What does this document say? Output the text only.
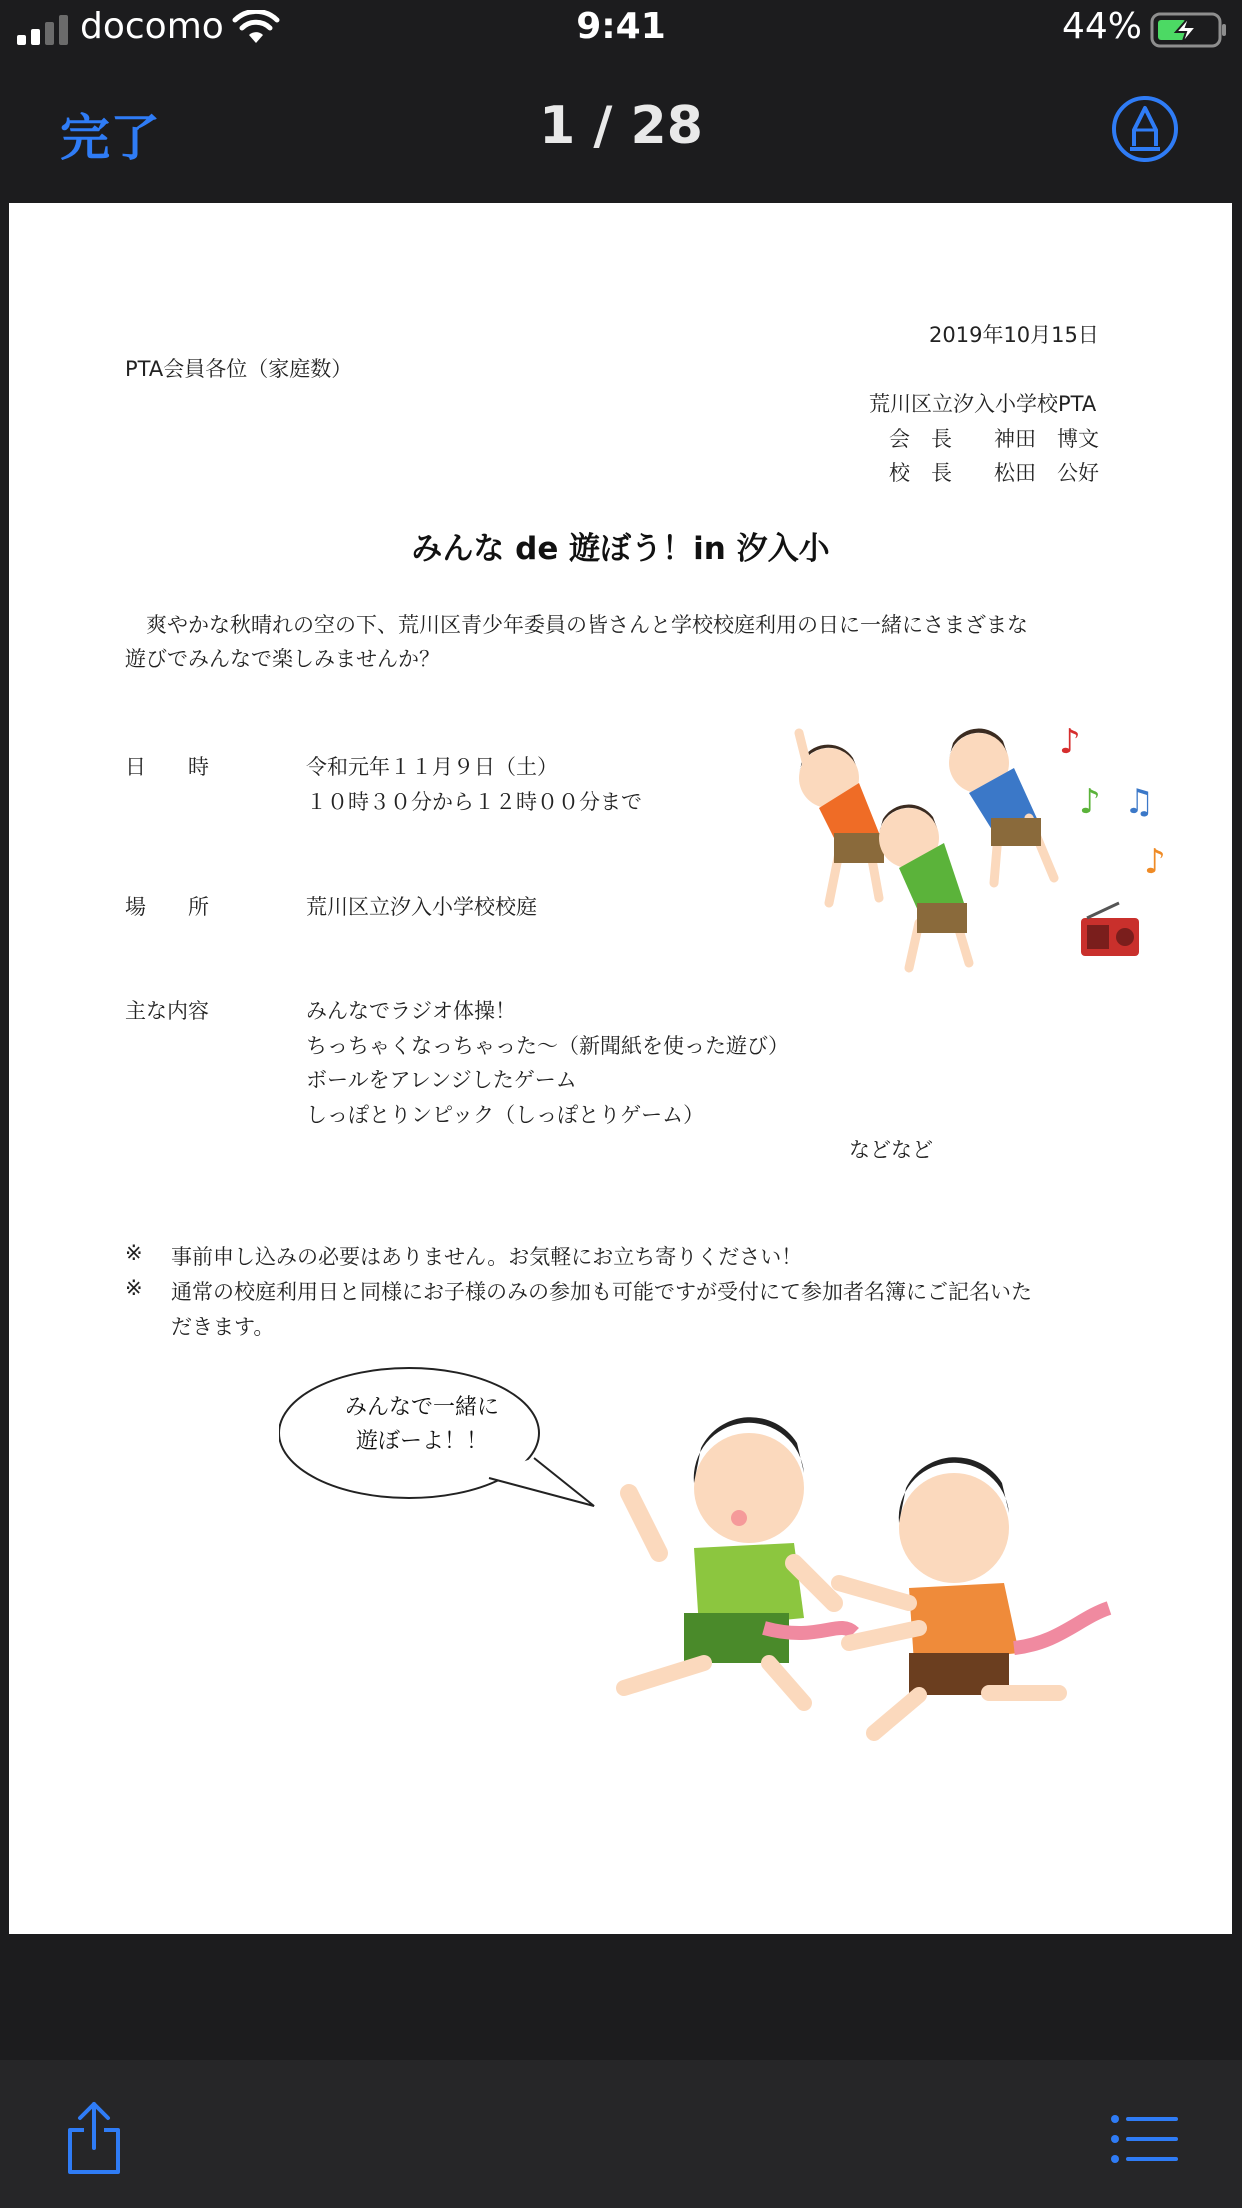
docomo	9:41	44%
完了	1 / 28
2019年10月15日
PTA会員各位（家庭数）
荒川区立汐入小学校PTA
会　長　　神田　博文
校　長　　松田　公好
みんな de 遊ぼう！in 汐入小
　爽やかな秋晴れの空の下、荒川区青少年委員の皆さんと学校校庭利用の日に一緒にさまざまな
遊びでみんなで楽しみませんか？
日　　時	令和元年１１月９日（土）
１０時３０分から１２時００分まで
場　　所	荒川区立汐入小学校校庭
主な内容	みんなでラジオ体操！
ちっちゃくなっちゃった〜（新聞紙を使った遊び）
ボールをアレンジしたゲーム
しっぽとりンピック（しっぽとりゲーム）
などなど
※ 事前申し込みの必要はありません。お気軽にお立ち寄りください！
※ 通常の校庭利用日と同様にお子様のみの参加も可能ですが受付にて参加者名簿にご記名いた
だきます。
♪
♪ ♫
♪
みんなで一緒に
遊ぼーよ！！
